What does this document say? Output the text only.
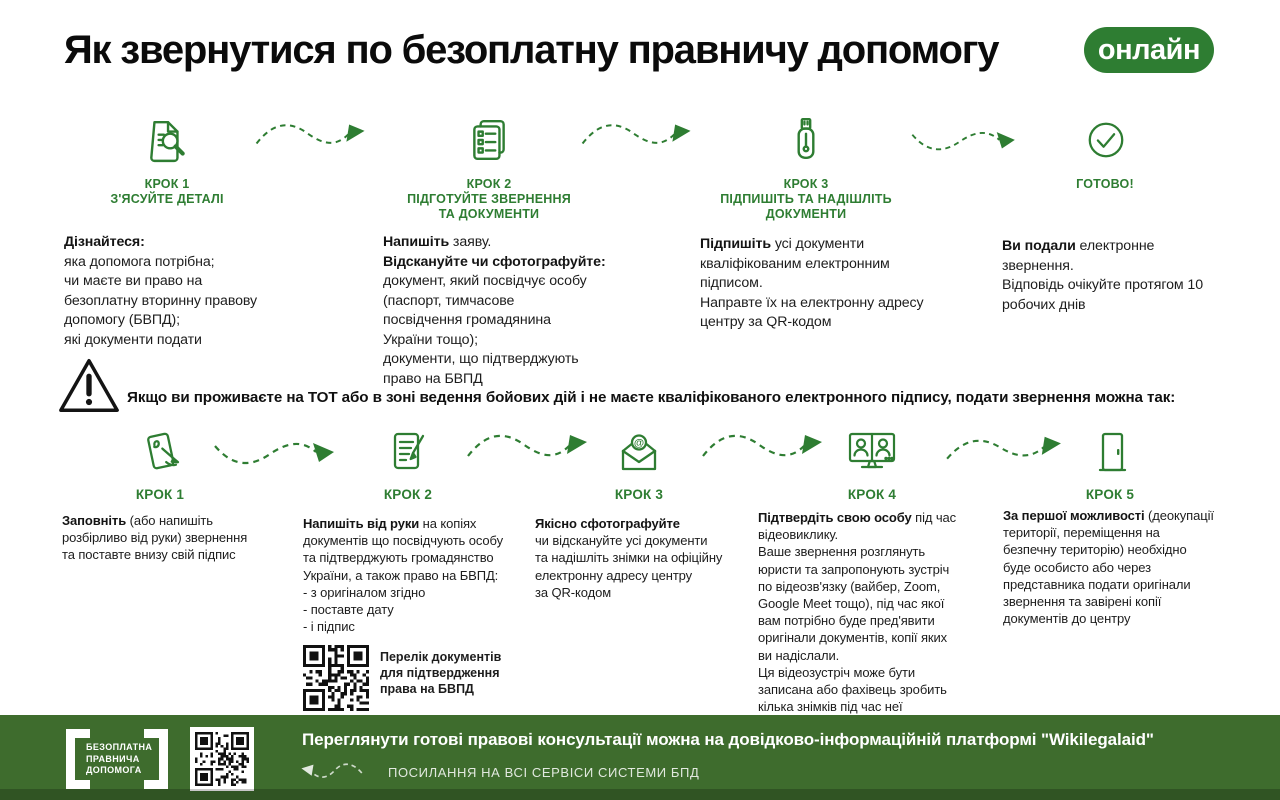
Як звернутися по безоплатну правничу допомогу	онлайн
КРОК 1
З'ЯСУЙТЕ ДЕТАЛІ
КРОК 2
ПІДГОТУЙТЕ ЗВЕРНЕННЯ
ТА ДОКУМЕНТИ
КРОК 3
ПІДПИШІТЬ ТА НАДІШЛІТЬ
ДОКУМЕНТИ
ГОТОВО!
Дізнайтеся:
яка допомога потрібна;
чи маєте ви право на
безоплатну вторинну правову
допомогу (БВПД);
які документи подати
Напишіть заяву.
Відскануйте чи сфотографуйте:
документ, який посвідчує особу
(паспорт, тимчасове
посвідчення громадянина
України тощо);
документи, що підтверджують
право на БВПД
Підпишіть усі документи
кваліфікованим електронним
підписом.
Направте їх на електронну адресу
центру за QR-кодом
Ви подали електронне
звернення.
Відповідь очікуйте протягом 10
робочих днів
Якщо ви проживаєте на ТОТ або в зоні ведення бойових дій і не маєте кваліфікованого електронного підпису, подати звернення можна так:
@
КРОК 1	КРОК 2	КРОК 3	КРОК 4	КРОК 5
Заповніть (або напишіть
розбірливо від руки) звернення
та поставте внизу свій підпис
Напишіть від руки на копіях
документів що посвідчують особу
та підтверджують громадянство
України, а також право на БВПД:
- з оригіналом згідно
- поставте дату
- і підпис
Якісно сфотографуйте
чи відскануйте усі документи
та надішліть знімки на офіційну
електронну адресу центру
за QR-кодом
Підтвердіть свою особу під час
відеовиклику.
Ваше звернення розглянуть
юристи та запропонують зустріч
по відеозв'язку (вайбер, Zoom,
Google Meet тощо), під час якої
вам потрібно буде пред'явити
оригінали документів, копії яких
ви надіслали.
Ця відеозустріч може бути
записана або фахівець зробить
кілька знімків під час неї
За першої можливості (деокупації
території, переміщення на
безпечну територію) необхідно
буде особисто або через
представника подати оригінали
звернення та завірені копії
документів до центру
Перелік документів
для підтвердження
права на БВПД
БЕЗОПЛАТНА
ПРАВНИЧА
ДОПОМОГА
Переглянути готові правові консультації можна на довідково-інформаційній платформі "Wikilegalaid"
ПОСИЛАННЯ НА ВСІ СЕРВІСИ СИСТЕМИ БПД
